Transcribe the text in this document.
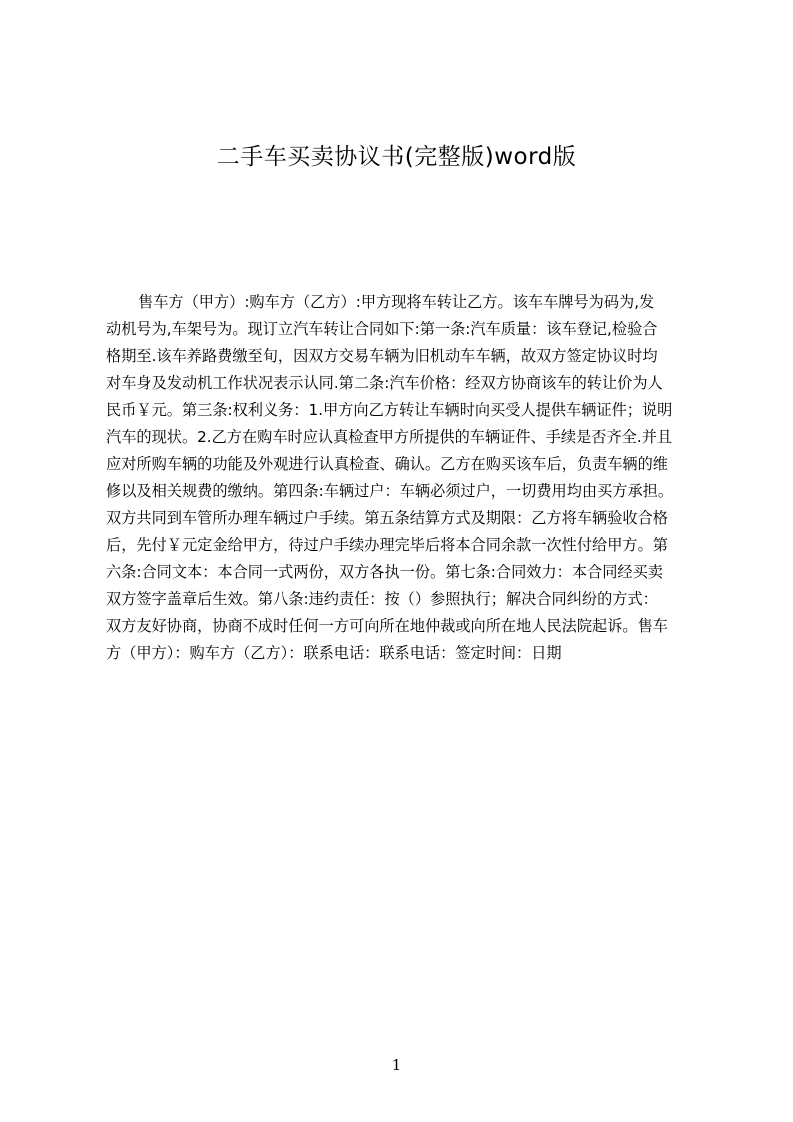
二手车买卖协议书(完整版)word版
售车方（甲方）:购车方（乙方）:甲方现将车转让乙方。该车车牌号为码为,发
动机号为,车架号为。现订立汽车转让合同如下:第一条:汽车质量：该车登记,检验合
格期至.该车养路费缴至旬，因双方交易车辆为旧机动车车辆，故双方签定协议时均
对车身及发动机工作状况表示认同.第二条:汽车价格：经双方协商该车的转让价为人
民币￥元。第三条:权利义务：1.甲方向乙方转让车辆时向买受人提供车辆证件；说明
汽车的现状。2.乙方在购车时应认真检查甲方所提供的车辆证件、手续是否齐全.并且
应对所购车辆的功能及外观进行认真检查、确认。乙方在购买该车后，负责车辆的维
修以及相关规费的缴纳。第四条:车辆过户：车辆必须过户，一切费用均由买方承担。
双方共同到车管所办理车辆过户手续。第五条结算方式及期限：乙方将车辆验收合格
后，先付￥元定金给甲方，待过户手续办理完毕后将本合同余款一次性付给甲方。第
六条:合同文本：本合同一式两份，双方各执一份。第七条:合同效力：本合同经买卖
双方签字盖章后生效。第八条:违约责任：按（）参照执行；解决合同纠纷的方式：
双方友好协商，协商不成时任何一方可向所在地仲裁或向所在地人民法院起诉。售车
方（甲方）：购车方（乙方）：联系电话：联系电话：签定时间：日期
1
